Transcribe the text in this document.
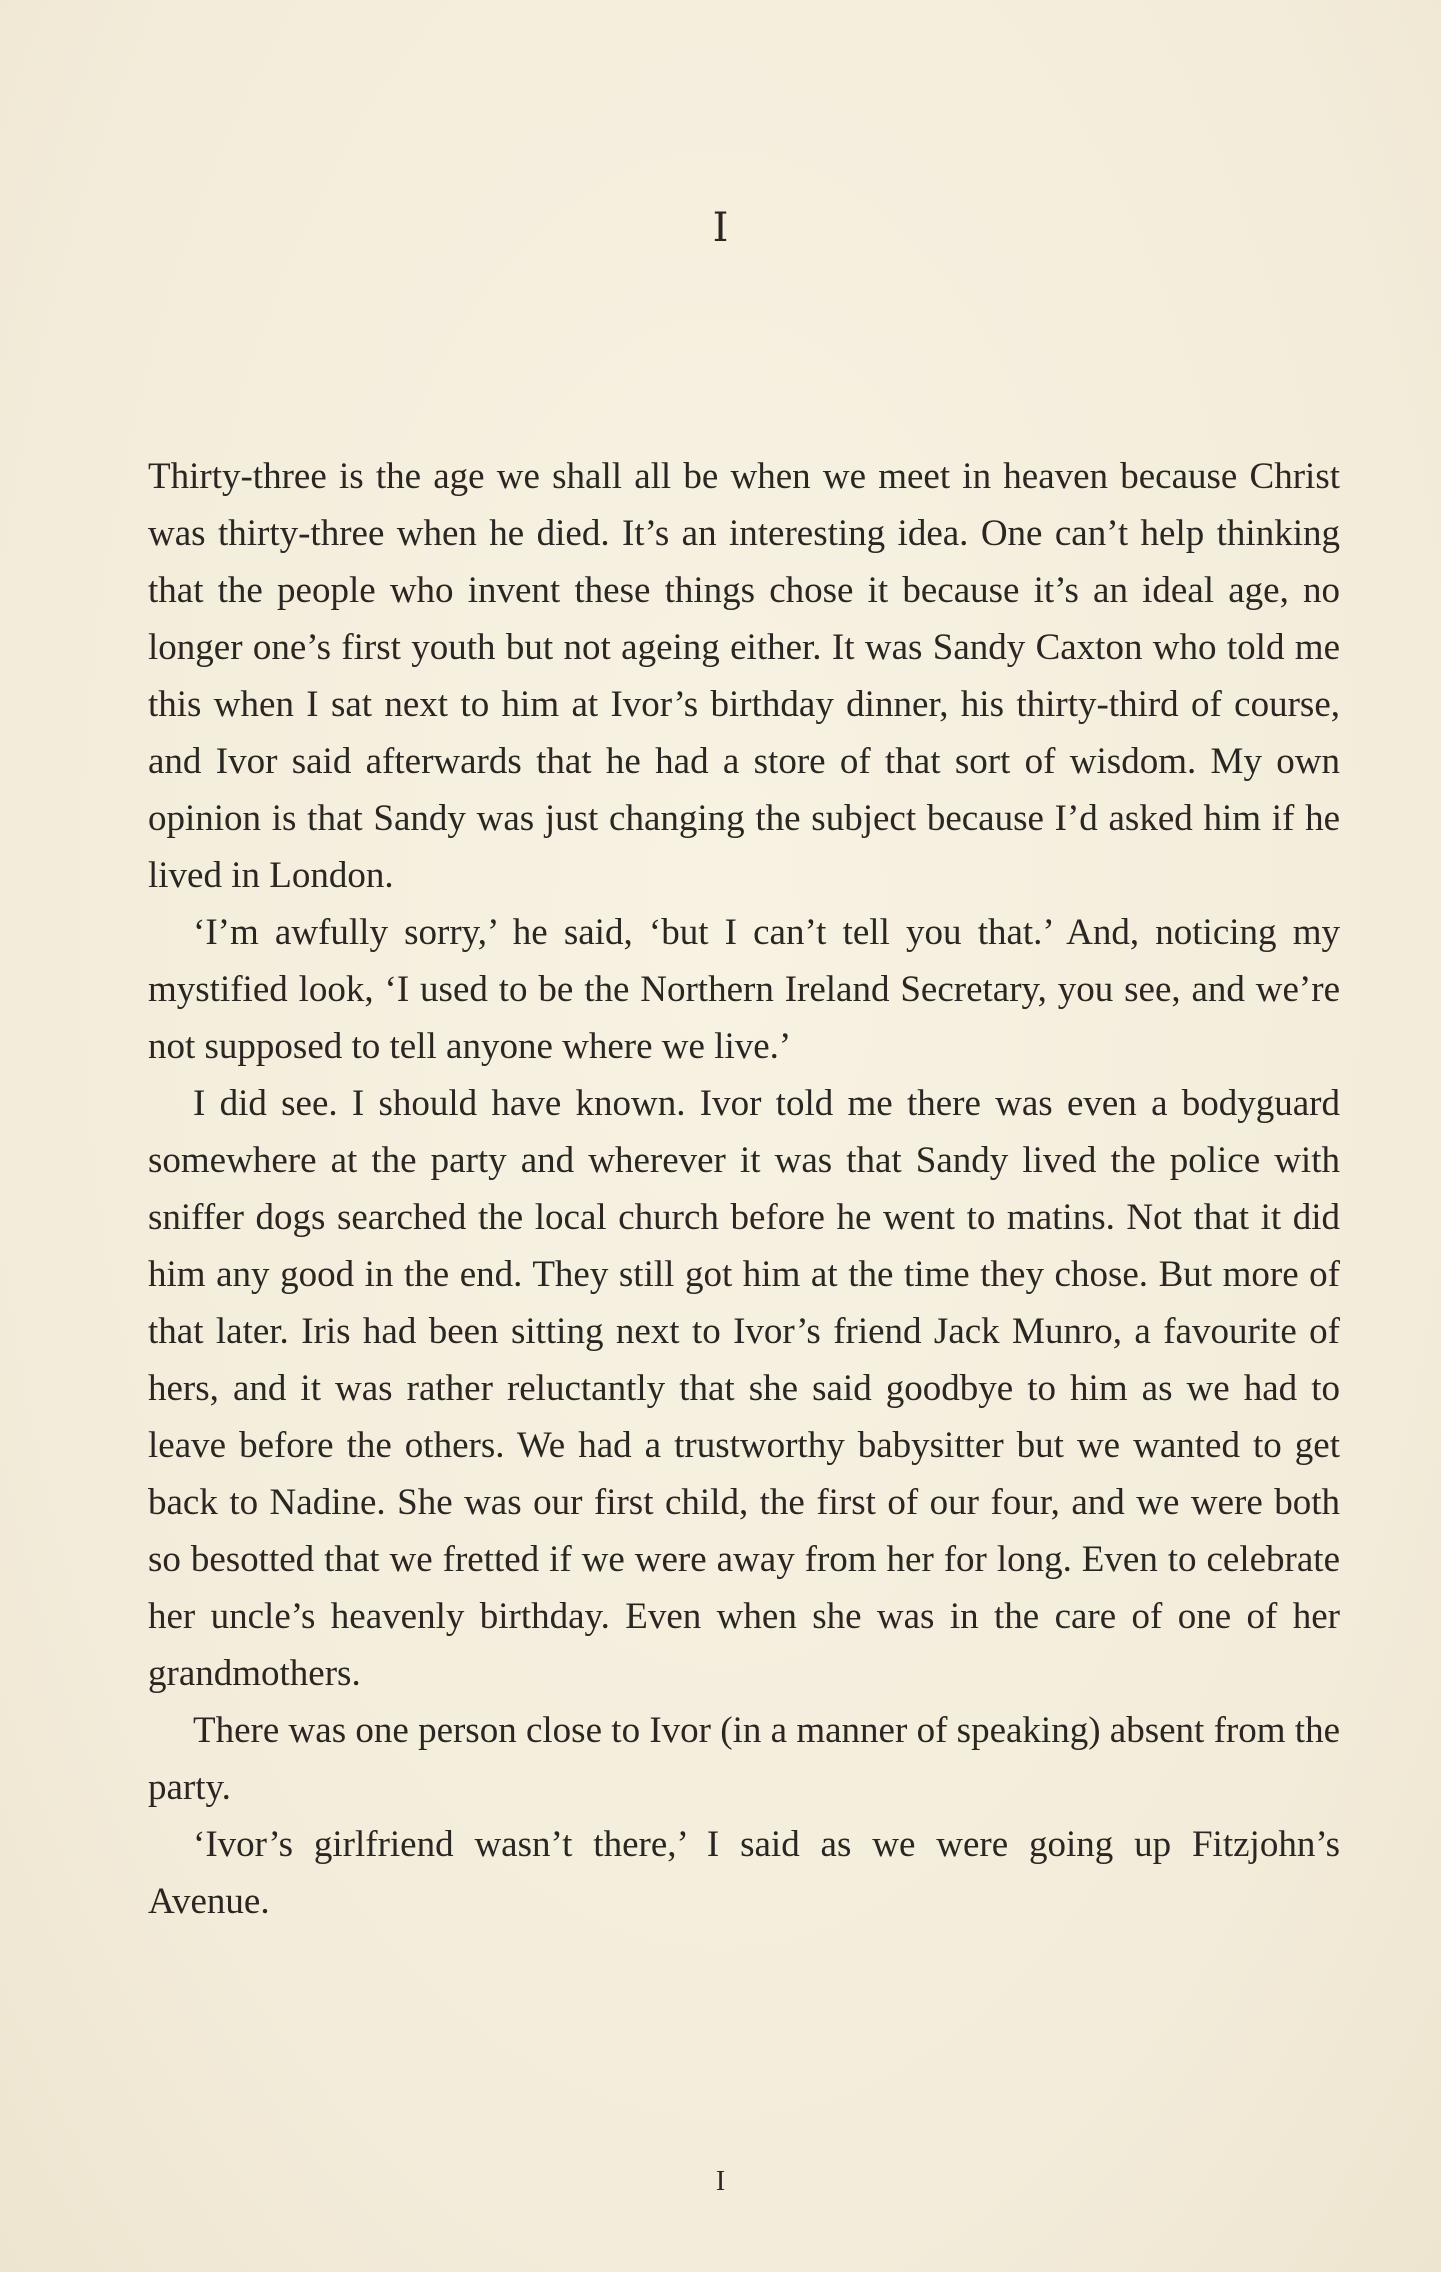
I

Thirty-three is the age we shall all be when we meet in heaven because Christ was thirty-three when he died. It’s an interesting idea. One can’t help thinking that the people who invent these things chose it because it’s an ideal age, no longer one’s first youth but not ageing either. It was Sandy Caxton who told me this when I sat next to him at Ivor’s birthday dinner, his thirty-third of course, and Ivor said afterwards that he had a store of that sort of wisdom. My own opinion is that Sandy was just changing the subject because I’d asked him if he lived in London.

‘I’m awfully sorry,’ he said, ‘but I can’t tell you that.’ And, noticing my mystified look, ‘I used to be the Northern Ireland Secretary, you see, and we’re not supposed to tell anyone where we live.’

I did see. I should have known. Ivor told me there was even a bodyguard somewhere at the party and wherever it was that Sandy lived the police with sniffer dogs searched the local church before he went to matins. Not that it did him any good in the end. They still got him at the time they chose. But more of that later. Iris had been sitting next to Ivor’s friend Jack Munro, a favourite of hers, and it was rather reluctantly that she said goodbye to him as we had to leave before the others. We had a trustworthy babysitter but we wanted to get back to Nadine. She was our first child, the first of our four, and we were both so besotted that we fretted if we were away from her for long. Even to celebrate her uncle’s heavenly birthday. Even when she was in the care of one of her grandmothers.

There was one person close to Ivor (in a manner of speaking) absent from the party.

‘Ivor’s girlfriend wasn’t there,’ I said as we were going up Fitzjohn’s Avenue.

I
